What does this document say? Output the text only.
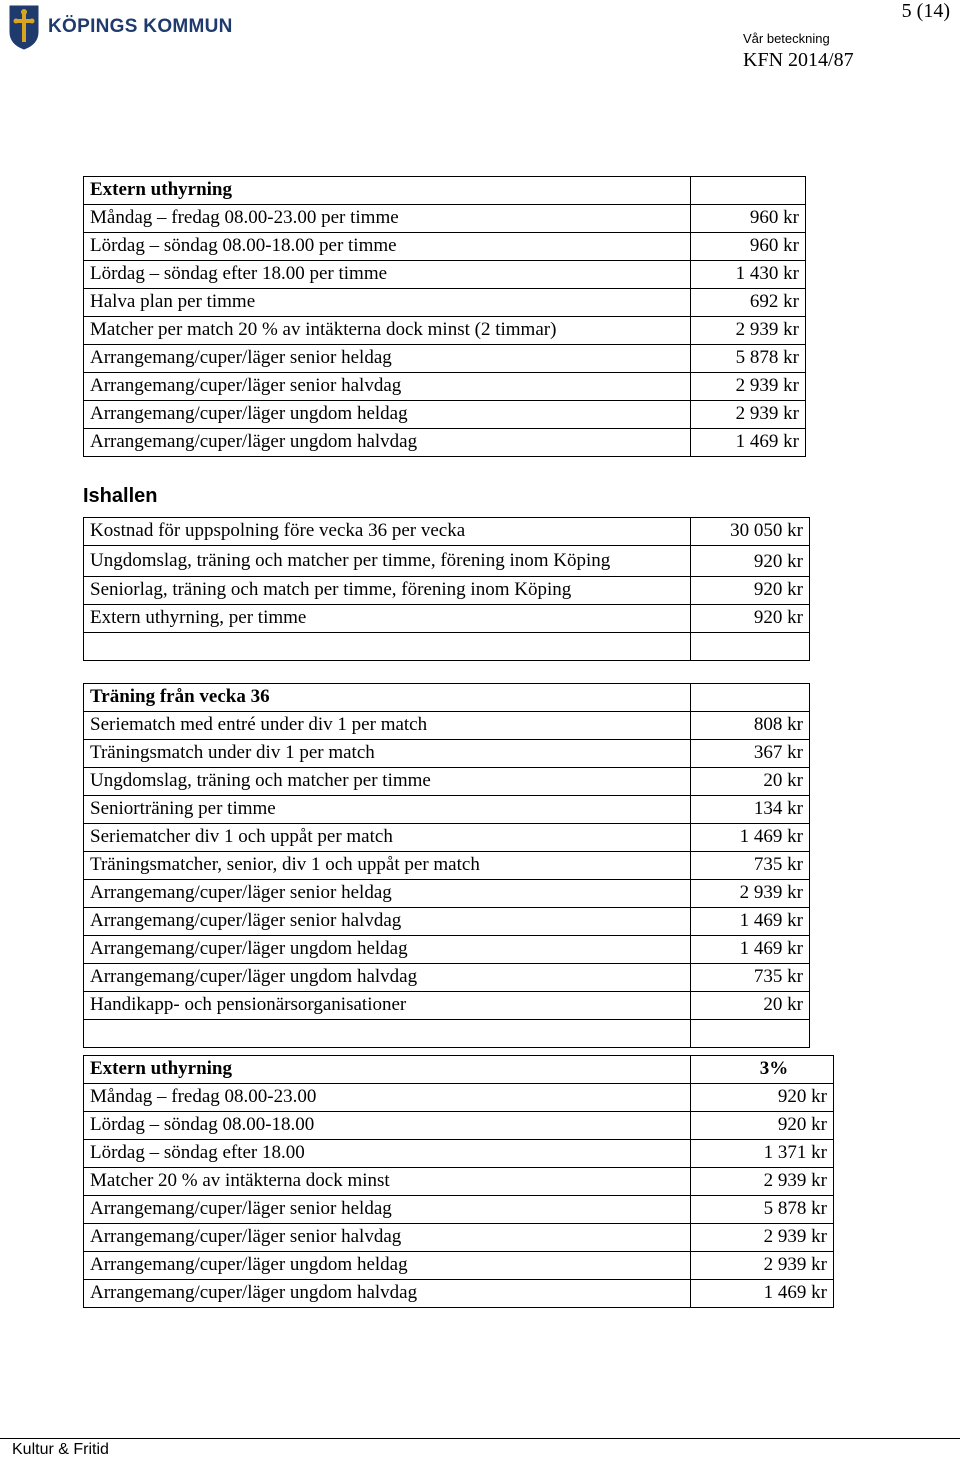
KÖPINGS KOMMUN
5 (14)
Vår beteckning
KFN 2014/87
Extern uthyrning	
Måndag – fredag 08.00-23.00 per timme	960 kr
Lördag – söndag 08.00-18.00 per timme	960 kr
Lördag – söndag efter 18.00 per timme	1 430 kr
Halva plan per timme	692 kr
Matcher per match 20 % av intäkterna dock minst (2 timmar)	2 939 kr
Arrangemang/cuper/läger senior heldag	5 878 kr
Arrangemang/cuper/läger senior halvdag	2 939 kr
Arrangemang/cuper/läger ungdom heldag	2 939 kr
Arrangemang/cuper/läger ungdom halvdag	1 469 kr
Ishallen
Kostnad för uppspolning före vecka 36 per vecka	30 050 kr
Ungdomslag, träning och matcher per timme, förening inom Köping	920 kr
Seniorlag, träning och match per timme, förening inom Köping	920 kr
Extern uthyrning, per timme	920 kr

Träning från vecka 36	
Seriematch med entré under div 1 per match	808 kr
Träningsmatch under div 1 per match	367 kr
Ungdomslag, träning och matcher per timme	20 kr
Seniorträning per timme	134 kr
Seriematcher div 1 och uppåt per match	1 469 kr
Träningsmatcher, senior, div 1 och uppåt per match	735 kr
Arrangemang/cuper/läger senior heldag	2 939 kr
Arrangemang/cuper/läger senior halvdag	1 469 kr
Arrangemang/cuper/läger ungdom heldag	1 469 kr
Arrangemang/cuper/läger ungdom halvdag	735 kr
Handikapp- och pensionärsorganisationer	20 kr

Extern uthyrning	3%
Måndag – fredag 08.00-23.00	920 kr
Lördag – söndag 08.00-18.00	920 kr
Lördag – söndag efter 18.00	1 371 kr
Matcher 20 % av intäkterna dock minst	2 939 kr
Arrangemang/cuper/läger senior heldag	5 878 kr
Arrangemang/cuper/läger senior halvdag	2 939 kr
Arrangemang/cuper/läger ungdom heldag	2 939 kr
Arrangemang/cuper/läger ungdom halvdag	1 469 kr
Kultur & Fritid
